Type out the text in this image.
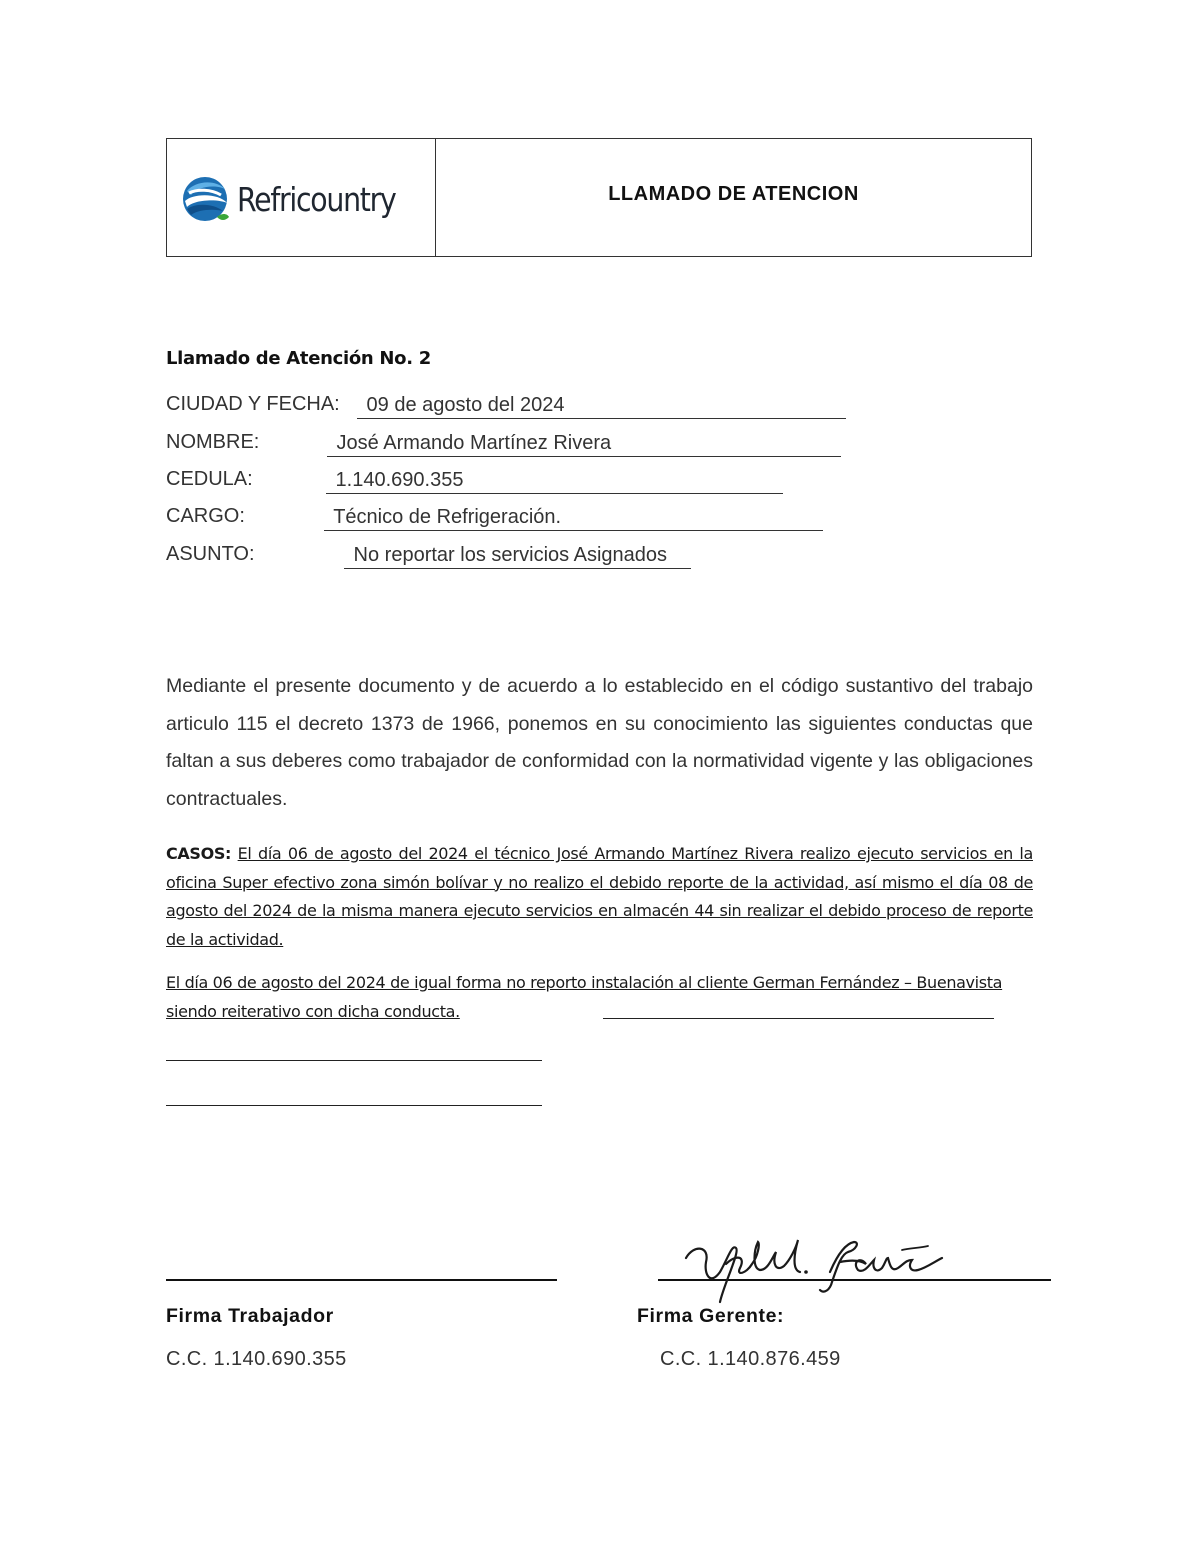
Refricountry	LLAMADO DE ATENCION
Llamado de Atención No. 2
CIUDAD Y FECHA: 09 de agosto del 2024
NOMBRE:	José Armando Martínez Rivera
CEDULA:	1.140.690.355
CARGO:	Técnico de Refrigeración.
ASUNTO:	No reportar los servicios Asignados
Mediante el presente documento y de acuerdo a lo establecido en el código sustantivo del trabajo articulo 115 el decreto 1373 de 1966, ponemos en su conocimiento las siguientes conductas que faltan a sus deberes como trabajador de conformidad con la normatividad vigente y las obligaciones contractuales.
CASOS: El día 06 de agosto del 2024 el técnico José Armando Martínez Rivera realizo ejecuto servicios en la oficina Super efectivo zona simón bolívar y no realizo el debido reporte de la actividad, así mismo el día 08 de agosto del 2024 de la misma manera ejecuto servicios en almacén 44 sin realizar el debido proceso de reporte de la actividad.
El día 06 de agosto del 2024 de igual forma no reporto instalación al cliente German Fernández – Buenavista siendo reiterativo con dicha conducta.
Firma Trabajador
C.C. 1.140.690.355
Firma Gerente:
C.C. 1.140.876.459
